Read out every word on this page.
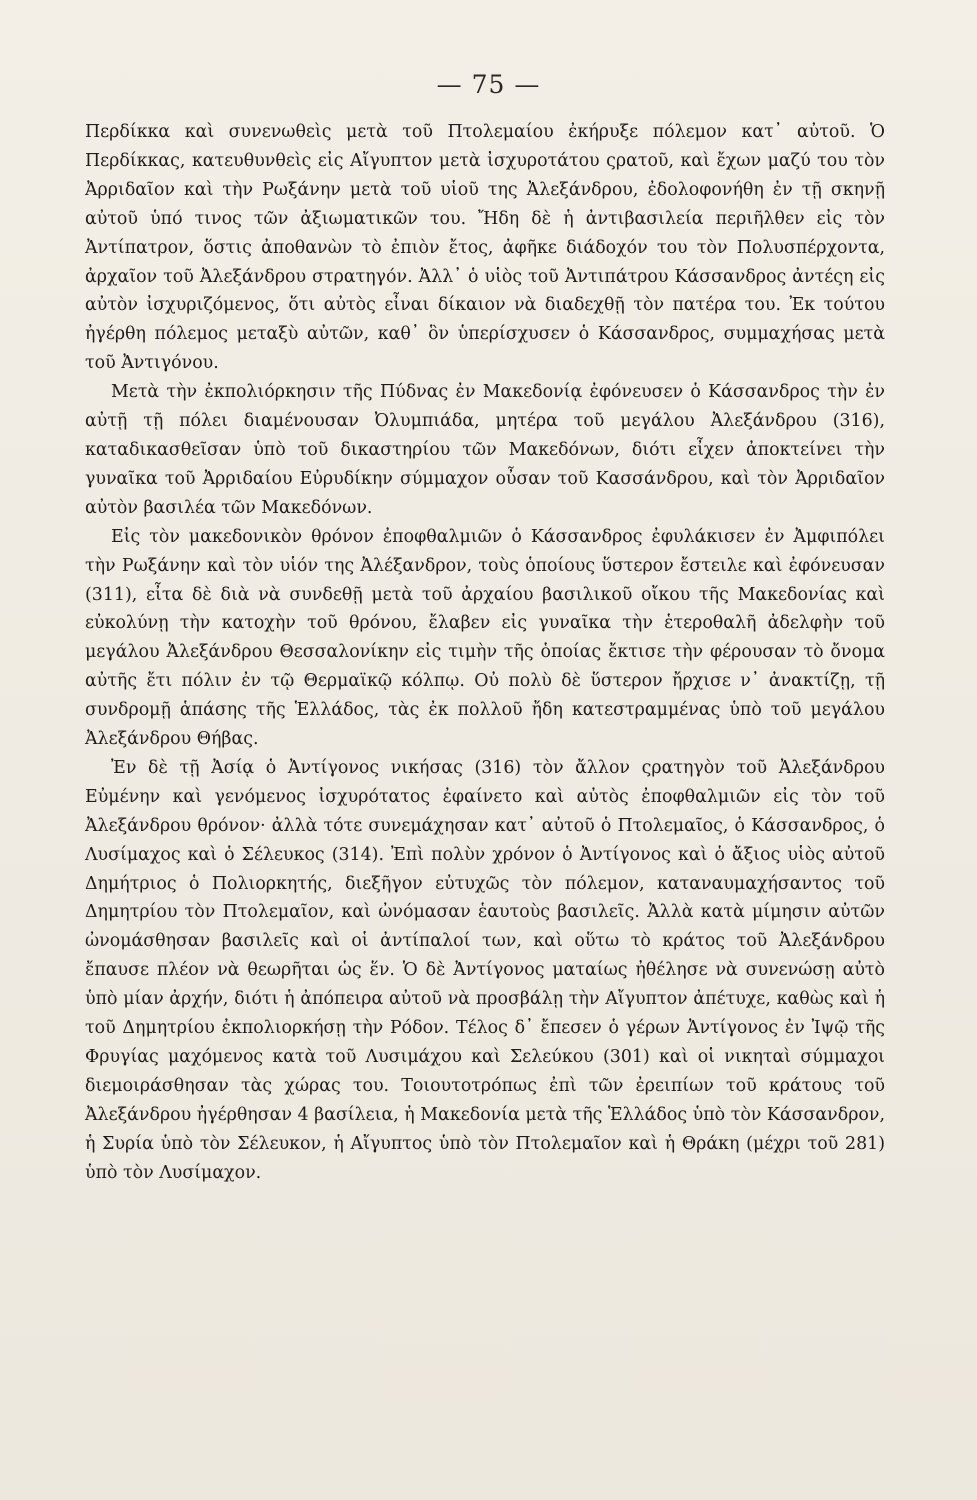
— 75 —

Περδίκκα καὶ συνενωθεὶς μετὰ τοῦ Πτολεμαίου ἐκήρυξε πόλεμον κατ᾽ αὐτοῦ. Ὁ Περδίκκας, κατευθυνθεὶς εἰς Αἴγυπτον μετὰ ἰσχυροτάτου ςρατοῦ, καὶ ἔχων μαζύ του τὸν Ἀρριδαῖον καὶ τὴν Ρωξάνην μετὰ τοῦ υἱοῦ της Ἀλεξάνδρου, ἐδολοφονήθη ἐν τῇ σκηνῇ αὐτοῦ ὑπό τινος τῶν ἀξιωματικῶν του. Ἤδη δὲ ἡ ἀντιβασιλεία περιῆλθεν εἰς τὸν Ἀντίπατρον, ὅστις ἀποθανὼν τὸ ἐπιὸν ἔτος, ἀφῆκε διάδοχόν του τὸν Πολυσπέρχοντα, ἀρχαῖον τοῦ Ἀλεξάνδρου στρατηγόν. Ἀλλ᾽ ὁ υἱὸς τοῦ Ἀντιπάτρου Κάσσανδρος ἀντέςη εἰς αὐτὸν ἰσχυριζόμενος, ὅτι αὐτὸς εἶναι δίκαιον νὰ διαδεχθῇ τὸν πατέρα του. Ἐκ τούτου ἠγέρθη πόλεμος μεταξὺ αὐτῶν, καθ᾽ ὃν ὑπερίσχυσεν ὁ Κάσσανδρος, συμμαχήσας μετὰ τοῦ Ἀντιγόνου.

Μετὰ τὴν ἐκπολιόρκησιν τῆς Πύδνας ἐν Μακεδονίᾳ ἐφόνευσεν ὁ Κάσσανδρος τὴν ἐν αὐτῇ τῇ πόλει διαμένουσαν Ὀλυμπιάδα, μητέρα τοῦ μεγάλου Ἀλεξάνδρου (316), καταδικασθεῖσαν ὑπὸ τοῦ δικαστηρίου τῶν Μακεδόνων, διότι εἶχεν ἀποκτείνει τὴν γυναῖκα τοῦ Ἀρριδαίου Εὐρυδίκην σύμμαχον οὖσαν τοῦ Κασσάνδρου, καὶ τὸν Ἀρριδαῖον αὐτὸν βασιλέα τῶν Μακεδόνων.

Εἰς τὸν μακεδονικὸν θρόνον ἐποφθαλμιῶν ὁ Κάσσανδρος ἐφυλάκισεν ἐν Ἀμφιπόλει τὴν Ρωξάνην καὶ τὸν υἱόν της Ἀλέξανδρον, τοὺς ὁποίους ὕστερον ἔστειλε καὶ ἐφόνευσαν (311), εἶτα δὲ διὰ νὰ συνδεθῇ μετὰ τοῦ ἀρχαίου βασιλικοῦ οἴκου τῆς Μακεδονίας καὶ εὐκολύνῃ τὴν κατοχὴν τοῦ θρόνου, ἔλαβεν εἰς γυναῖκα τὴν ἑτεροθαλῆ ἀδελφὴν τοῦ μεγάλου Ἀλεξάνδρου Θεσσαλονίκην εἰς τιμὴν τῆς ὁποίας ἔκτισε τὴν φέρουσαν τὸ ὄνομα αὐτῆς ἔτι πόλιν ἐν τῷ Θερμαϊκῷ κόλπῳ. Οὐ πολὺ δὲ ὕστερον ἤρχισε ν᾽ ἀνακτίζῃ, τῇ συνδρομῇ ἁπάσης τῆς Ἑλλάδος, τὰς ἐκ πολλοῦ ἤδη κατεστραμμένας ὑπὸ τοῦ μεγάλου Ἀλεξάνδρου Θήβας.

Ἐν δὲ τῇ Ἀσίᾳ ὁ Ἀντίγονος νικήσας (316) τὸν ἄλλον ςρατηγὸν τοῦ Ἀλεξάνδρου Εὐμένην καὶ γενόμενος ἰσχυρότατος ἐφαίνετο καὶ αὐτὸς ἐποφθαλμιῶν εἰς τὸν τοῦ Ἀλεξάνδρου θρόνον· ἀλλὰ τότε συνεμάχησαν κατ᾽ αὐτοῦ ὁ Πτολεμαῖος, ὁ Κάσσανδρος, ὁ Λυσίμαχος καὶ ὁ Σέλευκος (314). Ἐπὶ πολὺν χρόνον ὁ Ἀντίγονος καὶ ὁ ἄξιος υἱὸς αὐτοῦ Δημήτριος ὁ Πολιορκητής, διεξῆγον εὐτυχῶς τὸν πόλεμον, καταναυμαχήσαντος τοῦ Δημητρίου τὸν Πτολεμαῖον, καὶ ὠνόμασαν ἑαυτοὺς βασιλεῖς. Ἀλλὰ κατὰ μίμησιν αὐτῶν ὠνομάσθησαν βασιλεῖς καὶ οἱ ἀντίπαλοί των, καὶ οὕτω τὸ κράτος τοῦ Ἀλεξάνδρου ἔπαυσε πλέον νὰ θεωρῆται ὡς ἕν. Ὁ δὲ Ἀντίγονος ματαίως ἠθέλησε νὰ συνενώσῃ αὐτὸ ὑπὸ μίαν ἀρχήν, διότι ἡ ἀπόπειρα αὐτοῦ νὰ προσβάλῃ τὴν Αἴγυπτον ἀπέτυχε, καθὼς καὶ ἡ τοῦ Δημητρίου ἐκπολιορκήσῃ τὴν Ρόδον. Τέλος δ᾽ ἔπεσεν ὁ γέρων Ἀντίγονος ἐν Ἰψῷ τῆς Φρυγίας μαχόμενος κατὰ τοῦ Λυσιμάχου καὶ Σελεύκου (301) καὶ οἱ νικηταὶ σύμμαχοι διεμοιράσθησαν τὰς χώρας του. Τοιουτοτρόπως ἐπὶ τῶν ἐρειπίων τοῦ κράτους τοῦ Ἀλεξάνδρου ἠγέρθησαν 4 βασίλεια, ἡ Μακεδονία μετὰ τῆς Ἑλλάδος ὑπὸ τὸν Κάσσανδρον, ἡ Συρία ὑπὸ τὸν Σέλευκον, ἡ Αἴγυπτος ὑπὸ τὸν Πτολεμαῖον καὶ ἡ Θράκη (μέχρι τοῦ 281) ὑπὸ τὸν Λυσίμαχον.
